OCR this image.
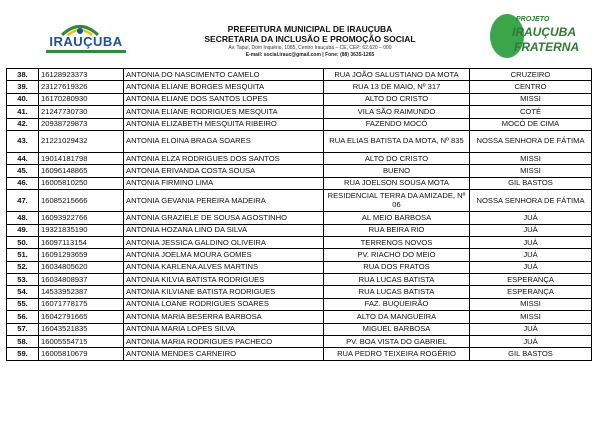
IRAUÇUBA
PREFEITURA MUNICIPAL DE IRAUÇUBA
SECRETARIA DA INCLUSÃO E PROMOÇÃO SOCIAL
Av. Tapuí, Dom Inquério, 1085, Centro Irauçuba – CE, CEP: 62.620 – 000
E-mail: social.irauc@gmail.com | Fone: (88) 3635-1265
PROJETO
IRAUÇUBA
FRATERNA
38.	16128923373	ANTONIA DO NASCIMENTO CAMELO	RUA JOÃO SALUSTIANO DA MOTA	CRUZEIRO
39.	23127619326	ANTONIA ELIANE BORGES MESQUITA	RUA 13 DE MAIO, Nº 317	CENTRO
40.	16170280930	ANTONIA ELIANE DOS SANTOS LOPES	ALTO DO CRISTO	MISSI
41.	21247730730	ANTONIA ELIANE RODRIGUES MESQUITA	VILA SÃO RAIMUNDO	COTÉ
42.	20938729873	ANTONIA ELIZABETH MESQUITA RIBEIRO	FAZENDO MOCÓ	MOCÓ DE CIMA
43.	21221029432	ANTONIA ELOINA BRAGA SOARES	RUA ELIAS BATISTA DA MOTA, Nº 835	NOSSA SENHORA DE FÁTIMA
44.	19014181798	ANTONIA ELZA RODRIGUES DOS SANTOS	ALTO DO CRISTO	MISSI
45.	16096148865	ANTONIA ERIVANDA COSTA SOUSA	BUENO	MISSI
46.	16005810250	ANTONIA FIRMINO LIMA	RUA JOELSON SOUSA MOTA	GIL BASTOS
47.	16085215666	ANTONIA GEVANIA PEREIRA MADEIRA	RESIDENCIAL TERRA DA AMIZADE, Nº 06	NOSSA SENHORA DE FÁTIMA
48.	16093922766	ANTONIA GRAZIELE DE SOUSA AGOSTINHO	AL MEIO BARBOSA	JUÁ
49.	19321835190	ANTONIA HOZANA LINO DA SILVA	RUA BEIRA RIO	JUÁ
50.	16097113154	ANTONIA JESSICA GALDINO OLIVEIRA	TERRENOS NOVOS	JUÁ
51.	16091293659	ANTONIA JOELMA MOURA GOMES	PV. RIACHO DO MEIO	JUÁ
52.	16034805620	ANTONIA KARLENA ALVES MARTINS	RUA DOS FRATOS	JUÁ
53.	16034808937	ANTONIA KILVIA BATISTA RODRIGUES	RUA LUCAS BATISTA	ESPERANÇA
54.	14533952387	ANTONIA KILVIANE BATISTA RODRIGUES	RUA LUCAS BATISTA	ESPERANÇA
55.	16071778175	ANTONIA LOANE RODRIGUES SOARES	FAZ. BUQUEIRÃO	MISSI
56.	16042791665	ANTONIA MARIA BESERRA BARBOSA	ALTO DA MANGUEIRA	MISSI
57.	16043521835	ANTONIA MARIA LOPES SILVA	MIGUEL BARBOSA	JUÁ
58.	16005554715	ANTONIA MARIA RODRIGUES PACHECO	PV. BOA VISTA DO GABRIEL	JUÁ
59.	16005810679	ANTONIA MENDES CARNEIRO	RUA PEDRO TEIXEIRA ROGÉRIO	GIL BASTOS
